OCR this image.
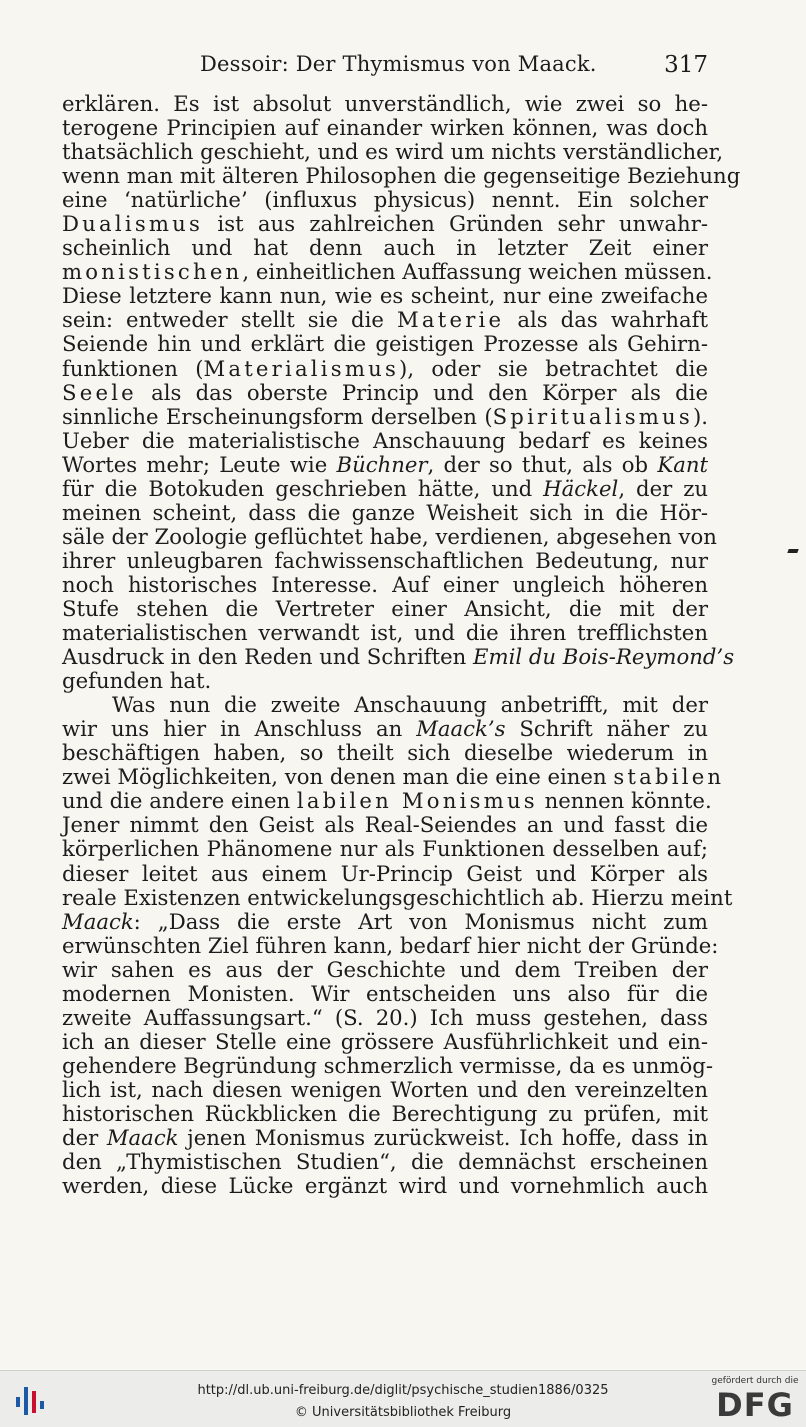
Dessoir: Der Thymismus von Maack.	317
erklären. Es ist absolut unverständlich, wie zwei so he-
terogene Principien auf einander wirken können, was doch
thatsächlich geschieht, und es wird um nichts verständlicher,
wenn man mit älteren Philosophen die gegenseitige Beziehung
eine ‘natürliche’ (influxus physicus) nennt. Ein solcher
Dualismus ist aus zahlreichen Gründen sehr unwahr-
scheinlich und hat denn auch in letzter Zeit einer
monistischen, einheitlichen Auffassung weichen müssen.
Diese letztere kann nun, wie es scheint, nur eine zweifache
sein: entweder stellt sie die Materie als das wahrhaft
Seiende hin und erklärt die geistigen Prozesse als Gehirn-
funktionen (Materialismus), oder sie betrachtet die
Seele als das oberste Princip und den Körper als die
sinnliche Erscheinungsform derselben (Spiritualismus).
Ueber die materialistische Anschauung bedarf es keines
Wortes mehr; Leute wie Büchner, der so thut, als ob Kant
für die Botokuden geschrieben hätte, und Häckel, der zu
meinen scheint, dass die ganze Weisheit sich in die Hör-
säle der Zoologie geflüchtet habe, verdienen, abgesehen von
ihrer unleugbaren fachwissenschaftlichen Bedeutung, nur
noch historisches Interesse. Auf einer ungleich höheren
Stufe stehen die Vertreter einer Ansicht, die mit der
materialistischen verwandt ist, und die ihren trefflichsten
Ausdruck in den Reden und Schriften Emil du Bois-Reymond’s
gefunden hat.
Was nun die zweite Anschauung anbetrifft, mit der
wir uns hier in Anschluss an Maack’s Schrift näher zu
beschäftigen haben, so theilt sich dieselbe wiederum in
zwei Möglichkeiten, von denen man die eine einen stabilen
und die andere einen labilen Monismus nennen könnte.
Jener nimmt den Geist als Real-Seiendes an und fasst die
körperlichen Phänomene nur als Funktionen desselben auf;
dieser leitet aus einem Ur-Princip Geist und Körper als
reale Existenzen entwickelungsgeschichtlich ab. Hierzu meint
Maack: „Dass die erste Art von Monismus nicht zum
erwünschten Ziel führen kann, bedarf hier nicht der Gründe:
wir sahen es aus der Geschichte und dem Treiben der
modernen Monisten. Wir entscheiden uns also für die
zweite Auffassungsart.“ (S. 20.) Ich muss gestehen, dass
ich an dieser Stelle eine grössere Ausführlichkeit und ein-
gehendere Begründung schmerzlich vermisse, da es unmög-
lich ist, nach diesen wenigen Worten und den vereinzelten
historischen Rückblicken die Berechtigung zu prüfen, mit
der Maack jenen Monismus zurückweist. Ich hoffe, dass in
den „Thymistischen Studien“, die demnächst erscheinen
werden, diese Lücke ergänzt wird und vornehmlich auch
http://dl.ub.uni-freiburg.de/diglit/psychische_studien1886/0325
© Universitätsbibliothek Freiburg
gefördert durch die
DFG
